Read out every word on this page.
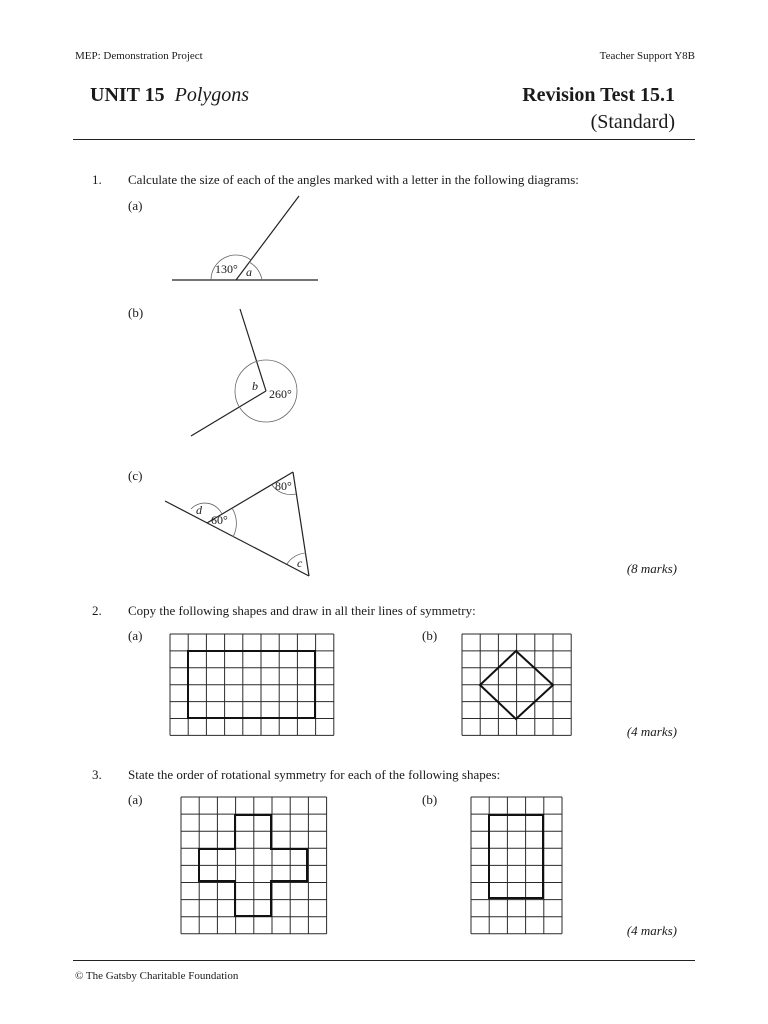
MEP: Demonstration Project	Teacher Support Y8B
UNIT 15 Polygons	Revision Test 15.1
(Standard)
1. Calculate the size of each of the angles marked with a letter in the following diagrams:
(a)
(b)
(c)
(8 marks)
130° a
b
260°
80°
d
60°
c
2. Copy the following shapes and draw in all their lines of symmetry:
(a)	(b)
(4 marks)
3. State the order of rotational symmetry for each of the following shapes:
(a)	(b)
(4 marks)
© The Gatsby Charitable Foundation
